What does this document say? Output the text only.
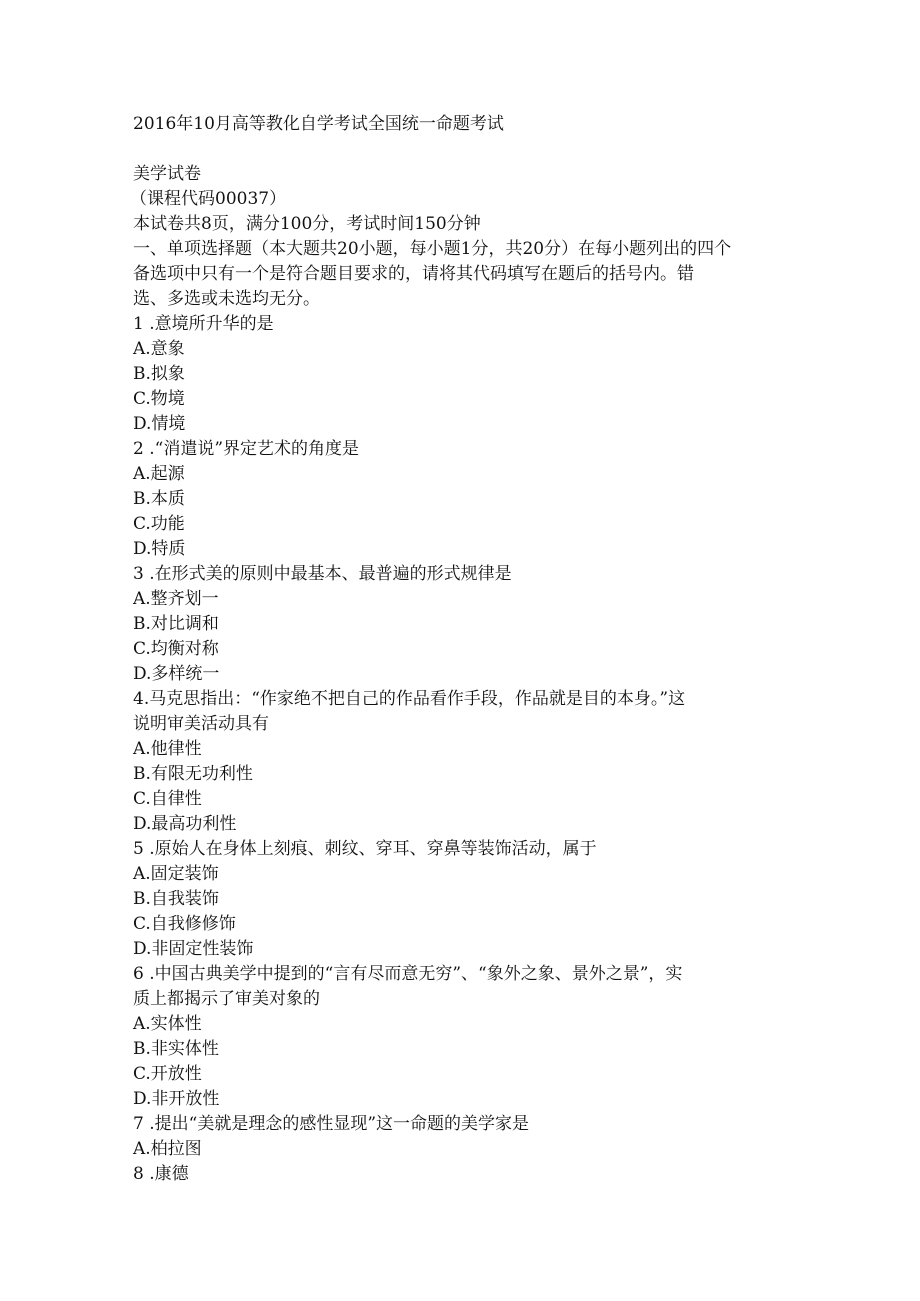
2016年10月高等教化自学考试全国统一命题考试
美学试卷
（课程代码00037）
本试卷共8页，满分100分，考试时间150分钟
一、单项选择题（本大题共20小题，每小题1分，共20分）在每小题列出的四个
备选项中只有一个是符合题目要求的，请将其代码填写在题后的括号内。错
选、多选或未选均无分。
1 .意境所升华的是
A.意象
B.拟象
C.物境
D.情境
2 .“消遣说”界定艺术的角度是
A.起源
B.本质
C.功能
D.特质
3 .在形式美的原则中最基本、最普遍的形式规律是
A.整齐划一
B.对比调和
C.均衡对称
D.多样统一
4.马克思指出：“作家绝不把自己的作品看作手段，作品就是目的本身。”这
说明审美活动具有
A.他律性
B.有限无功利性
C.自律性
D.最高功利性
5 .原始人在身体上刻痕、刺纹、穿耳、穿鼻等装饰活动，属于
A.固定装饰
B.自我装饰
C.自我修修饰
D.非固定性装饰
6 .中国古典美学中提到的“言有尽而意无穷”、“象外之象、景外之景”，实
质上都揭示了审美对象的
A.实体性
B.非实体性
C.开放性
D.非开放性
7 .提出“美就是理念的感性显现”这一命题的美学家是
A.柏拉图
8 .康德
